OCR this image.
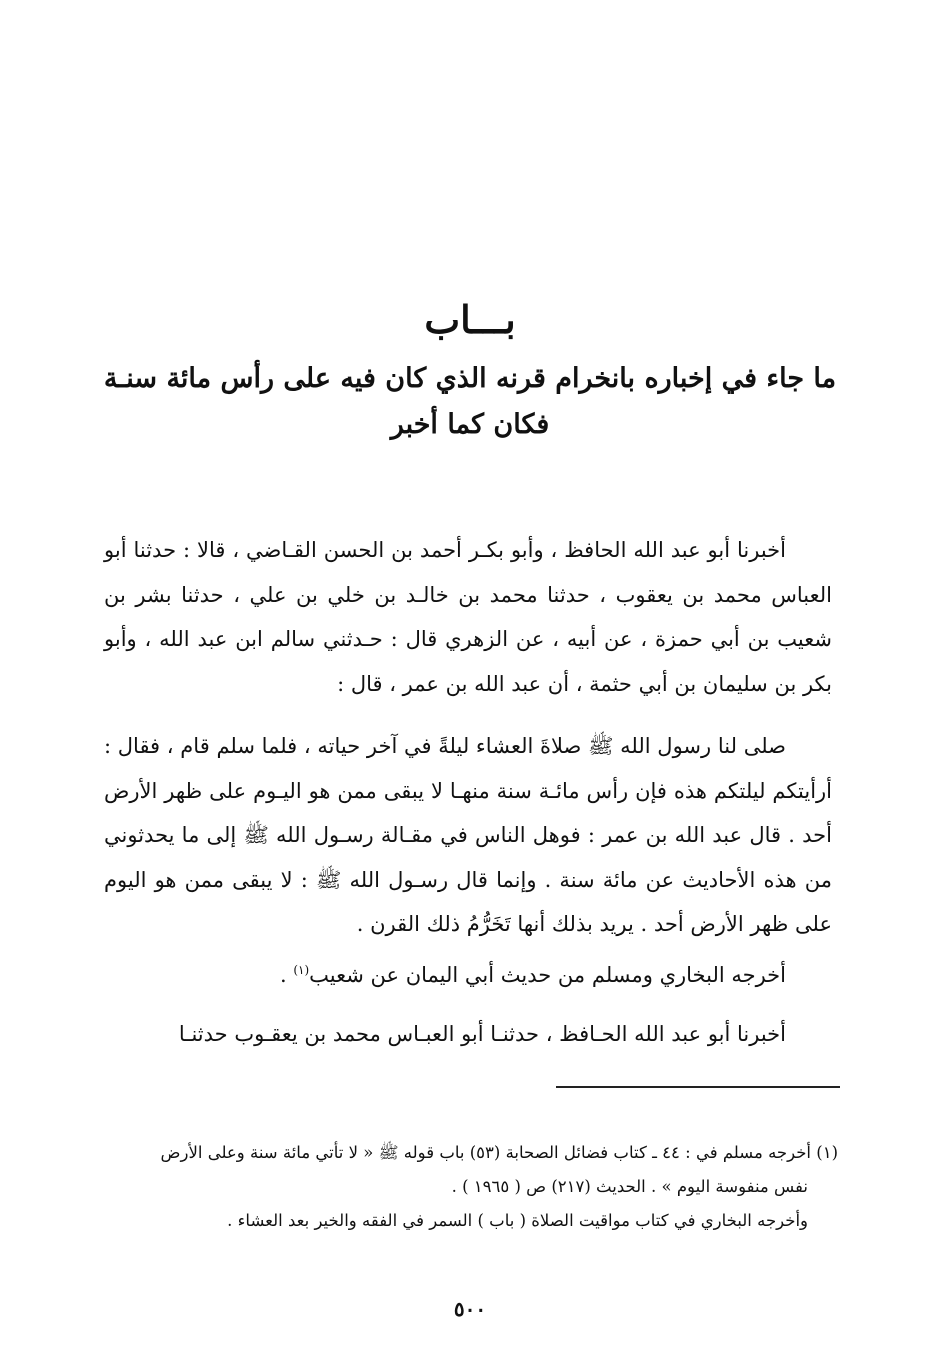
بـــاب
ما جاء في إخباره بانخرام قرنه الذي كان فيه على رأس مائة سنـة فكان كما أخبر

أخبرنا أبو عبد الله الحافظ ، وأبو بكـر أحمد بن الحسن القـاضي ، قالا : حدثنا أبو العباس محمد بن يعقوب ، حدثنا محمد بن خالـد بن خلي بن علي ، حدثنا بشر بن شعيب بن أبي حمزة ، عن أبيه ، عن الزهري قال : حـدثني سالم ابن عبد الله ، وأبو بكر بن سليمان بن أبي حثمة ، أن عبد الله بن عمر ، قال :

صلى لنا رسول الله ﷺ صلاةَ العشاء ليلةً في آخر حياته ، فلما سلم قام ، فقال : أرأيتكم ليلتكم هذه فإن رأس مائـة سنة منهـا لا يبقى ممن هو اليـوم على ظهر الأرض أحد . قال عبد الله بن عمر : فوهل الناس في مقـالة رسـول الله ﷺ إلى ما يحدثوني من هذه الأحاديث عن مائة سنة . وإنما قال رسـول الله ﷺ : لا يبقى ممن هو اليوم على ظهر الأرض أحد . يريد بذلك أنها تَخَرُّمُ ذلك القرن .

أخرجه البخاري ومسلم من حديث أبي اليمان عن شعيب$^{(١)}$ .

أخبرنا أبو عبد الله الحـافظ ، حدثنـا أبو العبـاس محمد بن يعقـوب حدثنـا

(١) أخرجه مسلم في : ٤٤ ـ كتاب فضائل الصحابة (٥٣) باب قوله ﷺ « لا تأتي مائة سنة وعلى الأرض
نفس منفوسة اليوم » . الحديث (٢١٧) ص ( ١٩٦٥ ) .
وأخرجه البخاري في كتاب مواقيت الصلاة ( باب ) السمر في الفقه والخير بعد العشاء .
٥٠٠
